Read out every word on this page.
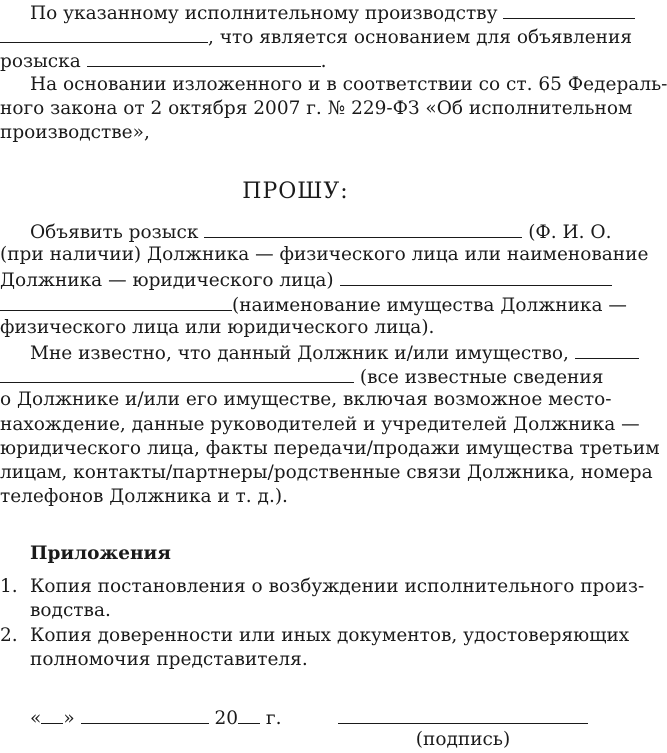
По указанному исполнительному производству
, что является основанием для объявления
розыска	.
На основании изложенного и в соответствии со ст. 65 Федераль-
ного закона от 2 октября 2007 г. № 229-ФЗ «Об исполнительном
производстве»,
ПРОШУ:
Объявить розыск	(Ф. И. О.
(при наличии) Должника — физического лица или наименование
Должника — юридического лица)
(наименование имущества Должника —
физического лица или юридического лица).
Мне известно, что данный Должник и/или имущество,
(все известные сведения
о Должнике и/или его имуществе, включая возможное место-
нахождение, данные руководителей и учредителей Должника —
юридического лица, факты передачи/продажи имущества третьим
лицам, контакты/партнеры/родственные связи Должника, номера
телефонов Должника и т. д.).
Приложения
1. Копия постановления о возбуждении исполнительного произ-
водства.
2. Копия доверенности или иных документов, удостоверяющих
полномочия представителя.
« »	20 г.
(подпись)
